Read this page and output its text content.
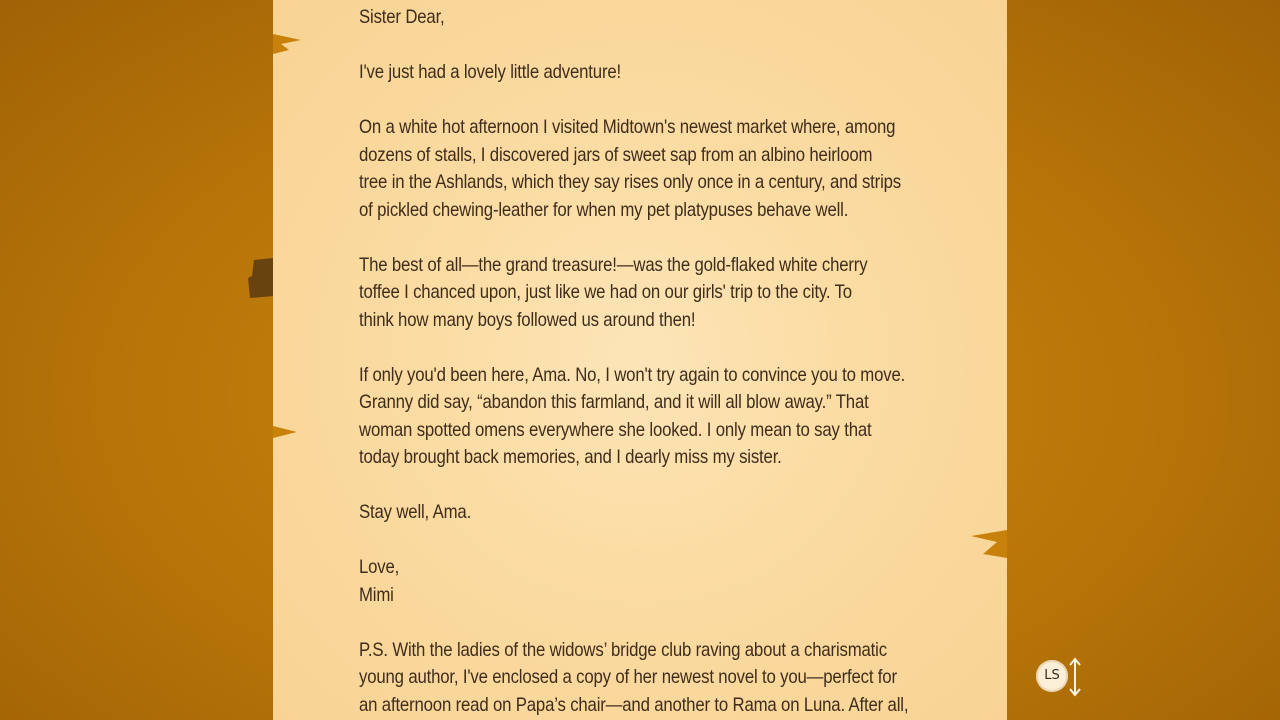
Sister Dear,

I've just had a lovely little adventure!

On a white hot afternoon I visited Midtown's newest market where, among
dozens of stalls, I discovered jars of sweet sap from an albino heirloom
tree in the Ashlands, which they say rises only once in a century, and strips
of pickled chewing-leather for when my pet platypuses behave well.

The best of all—the grand treasure!—was the gold-flaked white cherry
toffee I chanced upon, just like we had on our girls' trip to the city. To
think how many boys followed us around then!

If only you'd been here, Ama. No, I won't try again to convince you to move.
Granny did say, “abandon this farmland, and it will all blow away.” That
woman spotted omens everywhere she looked. I only mean to say that
today brought back memories, and I dearly miss my sister.

Stay well, Ama.

Love,

Mimi

P.S. With the ladies of the widows’ bridge club raving about a charismatic
young author, I've enclosed a copy of her newest novel to you—perfect for
an afternoon read on Papa’s chair—and another to Rama on Luna. After all,

LS
